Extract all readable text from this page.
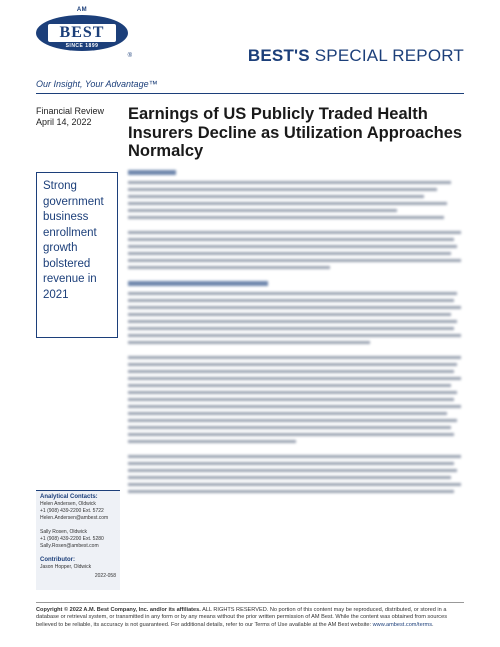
AM
BEST
SINCE 1899
®	BEST'S SPECIAL REPORT
Our Insight, Your Advantage™
Financial Review
April 14, 2022

Strong government business enrollment growth bolstered revenue in 2021

Analytical Contacts:
Helen Andersen, Oldwick
+1 (908) 439-2200 Ext. 5722
Helen.Andersen@ambest.com
Sally Rosen, Oldwick
+1 (908) 439-2200 Ext. 5280
Sally.Rosen@ambest.com
Contributor:
Jason Hopper, Oldwick
2022-058
Earnings of US Publicly Traded Health Insurers Decline as Utilization Approaches Normalcy
Copyright © 2022 A.M. Best Company, Inc. and/or its affiliates. ALL RIGHTS RESERVED. No portion of this content may be reproduced, distributed, or stored in a database or retrieval system, or transmitted in any form or by any means without the prior written permission of AM Best. While the content was obtained from sources believed to be reliable, its accuracy is not guaranteed. For additional details, refer to our Terms of Use available at the AM Best website: www.ambest.com/terms.
